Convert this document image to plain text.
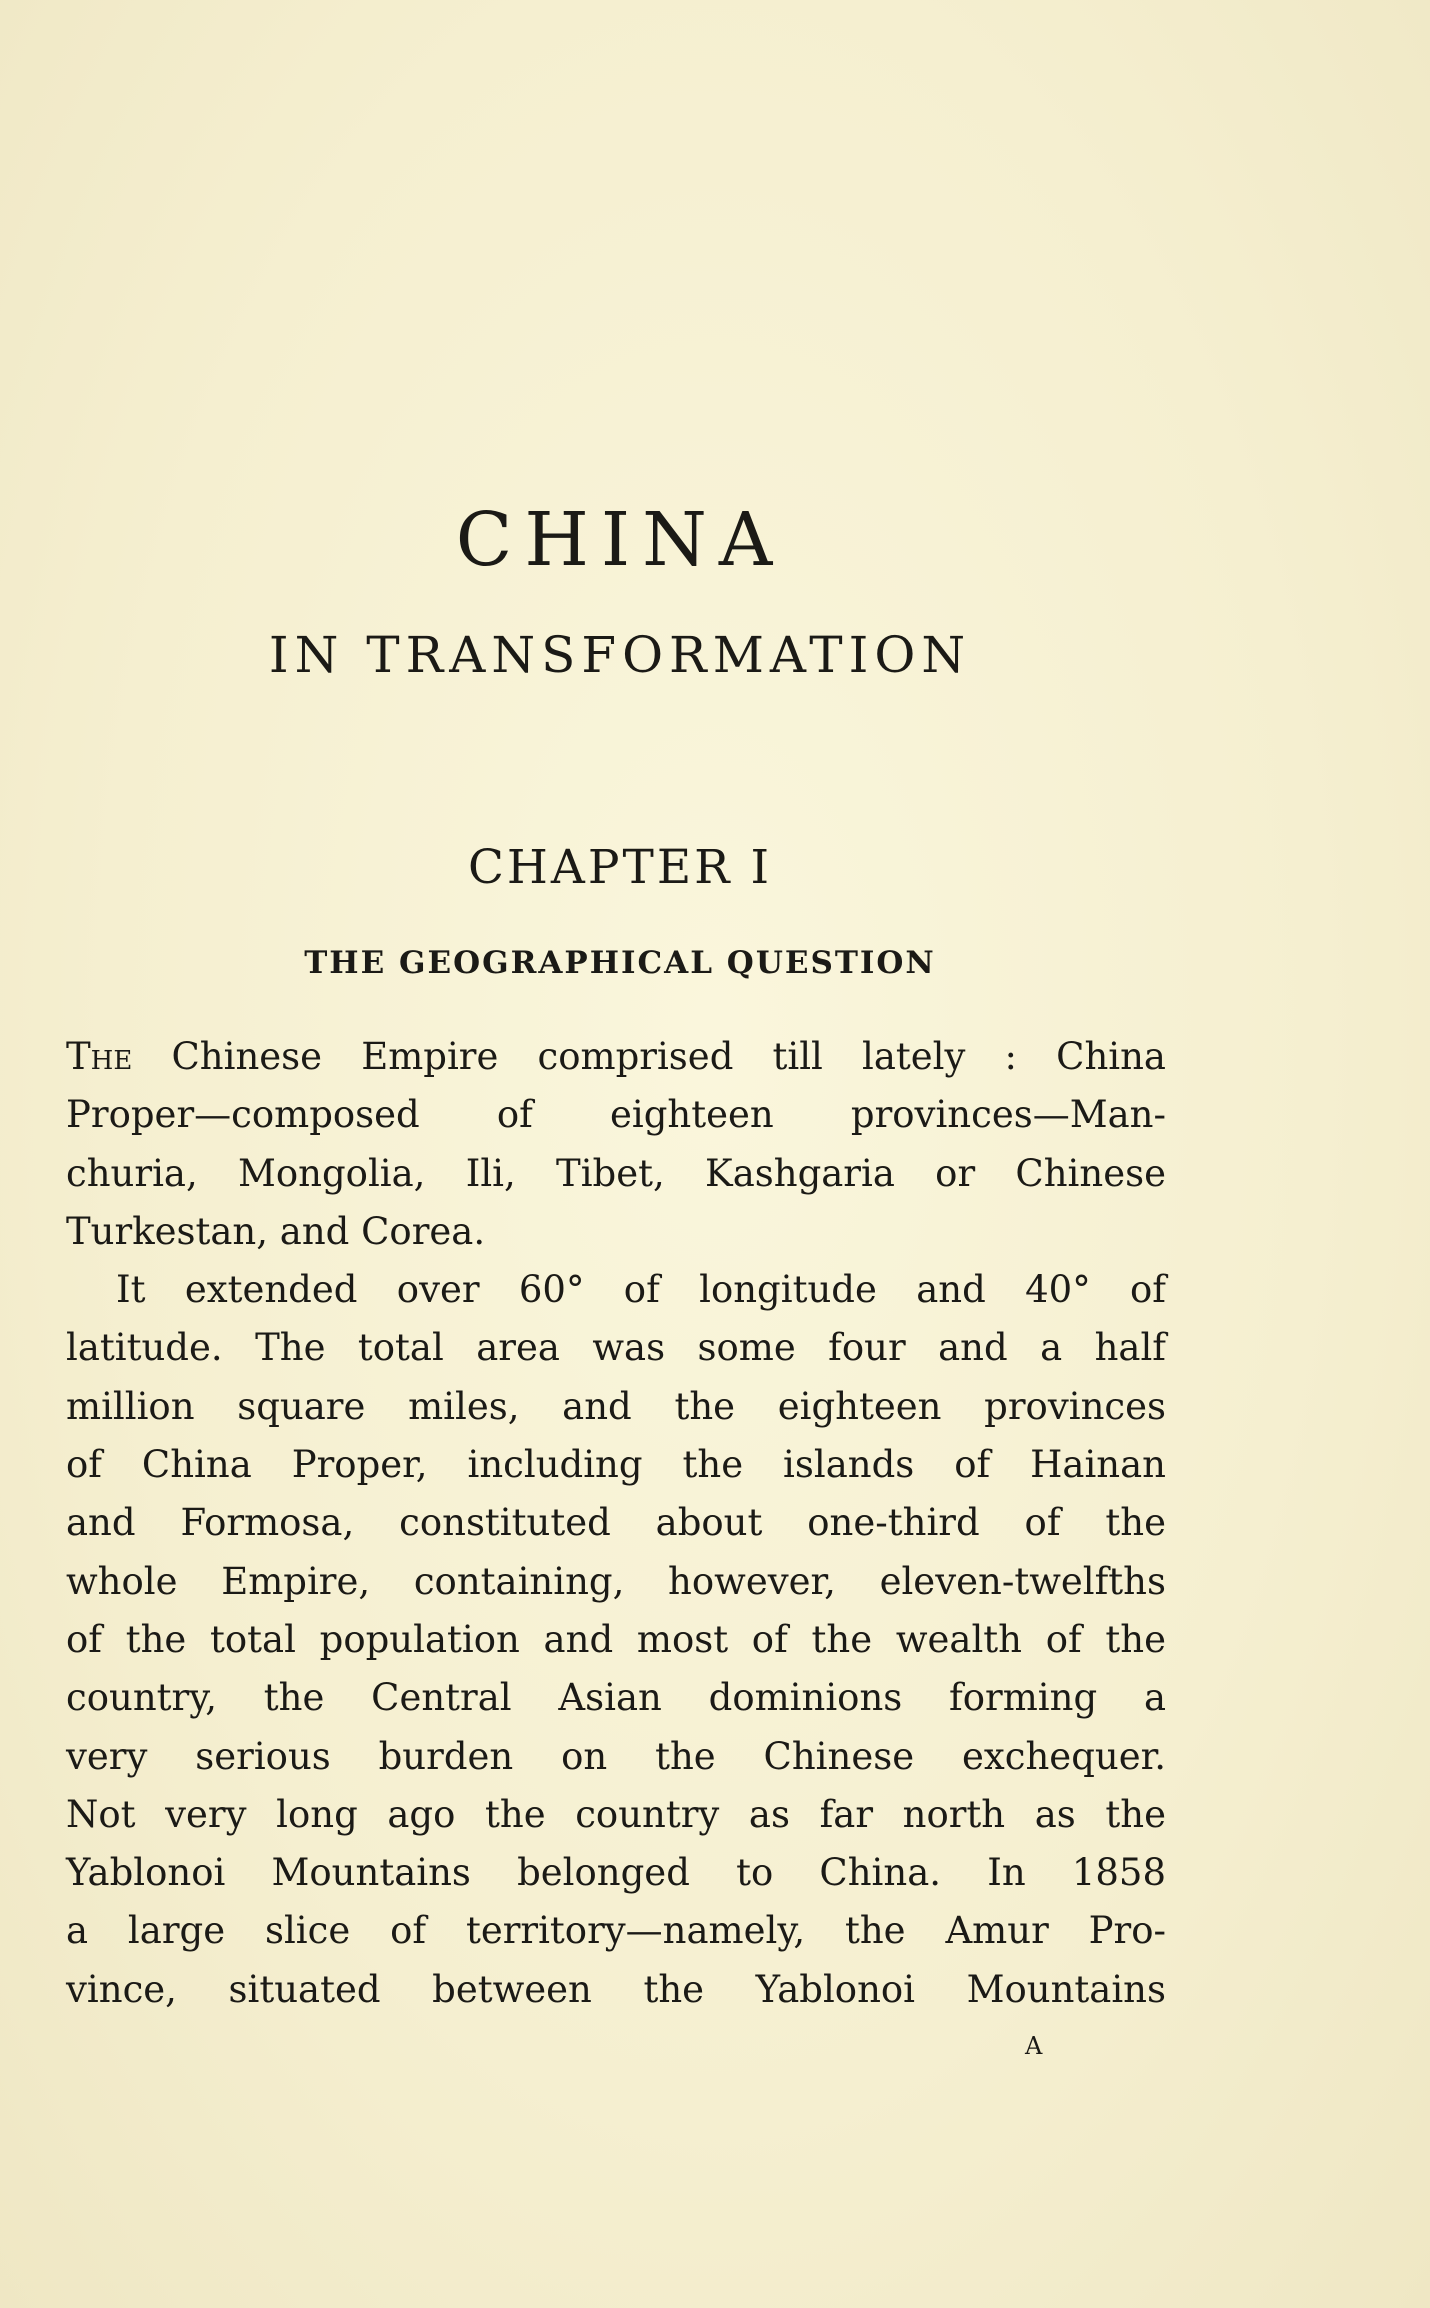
CHINA
IN TRANSFORMATION
CHAPTER I
THE GEOGRAPHICAL QUESTION
The Chinese Empire comprised till lately : China
Proper—composed of eighteen provinces—Man-
churia, Mongolia, Ili, Tibet, Kashgaria or Chinese
Turkestan, and Corea.
It extended over 60° of longitude and 40° of
latitude. The total area was some four and a half
million square miles, and the eighteen provinces
of China Proper, including the islands of Hainan
and Formosa, constituted about one-third of the
whole Empire, containing, however, eleven-twelfths
of the total population and most of the wealth of the
country, the Central Asian dominions forming a
very serious burden on the Chinese exchequer.
Not very long ago the country as far north as the
Yablonoi Mountains belonged to China. In 1858
a large slice of territory—namely, the Amur Pro-
vince, situated between the Yablonoi Mountains

A
